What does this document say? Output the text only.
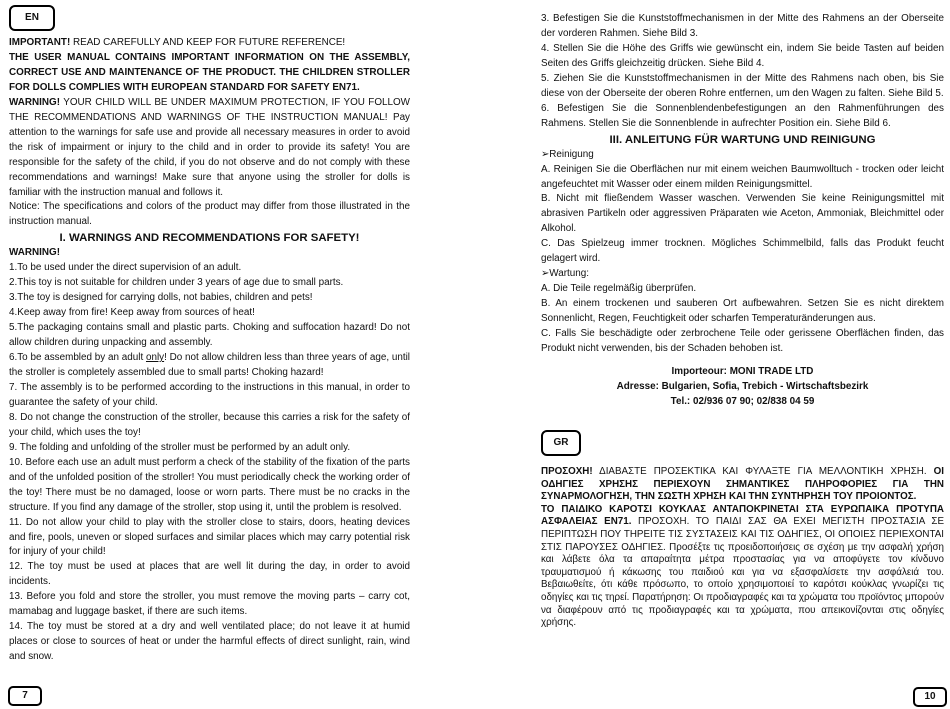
EN

IMPORTANT! READ CAREFULLY AND KEEP FOR FUTURE REFERENCE!

THE USER MANUAL CONTAINS IMPORTANT INFORMATION ON THE ASSEMBLY, CORRECT USE AND MAINTENANCE OF THE PRODUCT. THE CHILDREN STROLLER FOR DOLLS COMPLIES WITH EUROPEAN STANDARD FOR SAFETY EN71.

WARNING! YOUR CHILD WILL BE UNDER MAXIMUM PROTECTION, IF YOU FOLLOW THE RECOMMENDATIONS AND WARNINGS OF THE INSTRUCTION MANUAL! Pay attention to the warnings for safe use and provide all necessary measures in order to avoid the risk of impairment or injury to the child and in order to provide its safety! You are responsible for the safety of the child, if you do not observe and do not comply with these recommendations and warnings! Make sure that anyone using the stroller for dolls is familiar with the instruction manual and follows it.

Notice: The specifications and colors of the product may differ from those illustrated in the instruction manual.

I. WARNINGS AND RECOMMENDATIONS FOR SAFETY!

WARNING!

1.To be used under the direct supervision of an adult.

2.This toy is not suitable for children under 3 years of age due to small parts.

3.The toy is designed for carrying dolls, not babies, children and pets!

4.Keep away from fire! Keep away from sources of heat!

5.The packaging contains small and plastic parts. Choking and suffocation hazard! Do not allow children during unpacking and assembly.

6.To be assembled by an adult only! Do not allow children less than three years of age, until the stroller is completely assembled due to small parts! Choking hazard!

7. The assembly is to be performed according to the instructions in this manual, in order to guarantee the safety of your child.

8. Do not change the construction of the stroller, because this carries a risk for the safety of your child, which uses the toy!

9. The folding and unfolding of the stroller must be performed by an adult only.

10. Before each use an adult must perform a check of the stability of the fixation of the parts and of the unfolded position of the stroller! You must periodically check the working order of the toy! There must be no damaged, loose or worn parts. There must be no cracks in the structure. If you find any damage of the stroller, stop using it, until the problem is resolved.

11. Do not allow your child to play with the stroller close to stairs, doors, heating devices and fire, pools, uneven or sloped surfaces and similar places which may carry potential risk for injury of your child!

12. The toy must be used at places that are well lit during the day, in order to avoid incidents.

13. Before you fold and store the stroller, you must remove the moving parts – carry cot, mamabag and luggage basket, if there are such items.

14. The toy must be stored at a dry and well ventilated place; do not leave it at humid places or close to sources of heat or under the harmful effects of direct sunlight, rain, wind and snow.

7

3. Befestigen Sie die Kunststoffmechanismen in der Mitte des Rahmens an der Oberseite der vorderen Rahmen. Siehe Bild 3.

4. Stellen Sie die Höhe des Griffs wie gewünscht ein, indem Sie beide Tasten auf beiden Seiten des Griffs gleichzeitig drücken. Siehe Bild 4.

5. Ziehen Sie die Kunststoffmechanismen in der Mitte des Rahmens nach oben, bis Sie diese von der Oberseite der oberen Rohre entfernen, um den Wagen zu falten. Siehe Bild 5.

6. Befestigen Sie die Sonnenblendenbefestigungen an den Rahmenführungen des Rahmens. Stellen Sie die Sonnenblende in aufrechter Position ein. Siehe Bild 6.

III. ANLEITUNG FÜR WARTUNG UND REINIGUNG

➢Reinigung

A. Reinigen Sie die Oberflächen nur mit einem weichen Baumwolltuch - trocken oder leicht angefeuchtet mit Wasser oder einem milden Reinigungsmittel.

B. Nicht mit fließendem Wasser waschen. Verwenden Sie keine Reinigungsmittel mit abrasiven Partikeln oder aggressiven Präparaten wie Aceton, Ammoniak, Bleichmittel oder Alkohol.

C. Das Spielzeug immer trocknen. Mögliches Schimmelbild, falls das Produkt feucht gelagert wird.

➢Wartung:

A. Die Teile regelmäßig überprüfen.

B. An einem trockenen und sauberen Ort aufbewahren. Setzen Sie es nicht direktem Sonnenlicht, Regen, Feuchtigkeit oder scharfen Temperaturänderungen aus.

C. Falls Sie beschädigte oder zerbrochene Teile oder gerissene Oberflächen finden, das Produkt nicht verwenden, bis der Schaden behoben ist.

Importeour: MONI TRADE LTD

Adresse: Bulgarien, Sofia, Trebich - Wirtschaftsbezirk

Tel.: 02/936 07 90; 02/838 04 59

GR

ΠΡΟΣΟΧΗ! ΔΙΑΒΑΣΤΕ ΠΡΟΣΕΚΤΙΚΑ ΚΑΙ ΦΥΛΑΞΤΕ ΓΙΑ ΜΕΛΛΟΝΤΙΚΗ ΧΡΗΣΗ. ΟΙ ΟΔΗΓΙΕΣ ΧΡΗΣΗΣ ΠΕΡΙΕΧΟΥΝ ΣΗΜΑΝΤΙΚΕΣ ΠΛΗΡΟΦΟΡΙΕΣ ΓΙΑ ΤΗΝ ΣΥΝΑΡΜΟΛΟΓΗΣΗ, ΤΗΝ ΣΩΣΤΗ ΧΡΗΣΗ ΚΑΙ ΤΗΝ ΣΥΝΤΗΡΗΣΗ ΤΟΥ ΠΡΟΙΟΝΤΟΣ.

ΤΟ ΠΑΙΔΙΚΟ ΚΑΡΟΤΣΙ ΚΟΥΚΛΑΣ ΑΝΤΑΠΟΚΡΙΝΕΤΑΙ ΣΤΑ ΕΥΡΩΠΑΙΚΑ ΠΡΟΤΥΠΑ ΑΣΦΑΛΕΙΑΣ ΕΝ71. ΠΡΟΣΟΧΗ. ΤΟ ΠΑΙΔΙ ΣΑΣ ΘΑ ΕΧΕΙ ΜΕΓΙΣΤΗ ΠΡΟΣΤΑΣΙΑ ΣΕ ΠΕΡΙΠΤΩΣΗ ΠΟΥ ΤΗΡΕΙΤΕ ΤΙΣ ΣΥΣΤΑΣΕΙΣ ΚΑΙ ΤΙΣ ΟΔΗΓΙΕΣ, ΟΙ ΟΠΟΙΕΣ ΠΕΡΙΕΧΟΝΤΑΙ ΣΤΙΣ ΠΑΡΟΥΣΕΣ ΟΔΗΓΙΕΣ. Προσέξτε τις προειδοποιήσεις σε σχέση με την ασφαλή χρήση και λάβετε όλα τα απαραίτητα μέτρα προστασίας για να αποφύγετε τον κίνδυνο τραυματισμού ή κάκωσης του παιδιού και για να εξασφαλίσετε την ασφάλειά του. Βεβαιωθείτε, ότι κάθε πρόσωπο, το οποίο χρησιμοποιεί το καρότσι κούκλας γνωρίζει τις οδηγίες και τις τηρεί. Παρατήρηση: Οι προδιαγραφές και τα χρώματα του προϊόντος μπορούν να διαφέρουν από τις προδιαγραφές και τα χρώματα, που απεικονίζονται στις οδηγίες χρήσης.

10
